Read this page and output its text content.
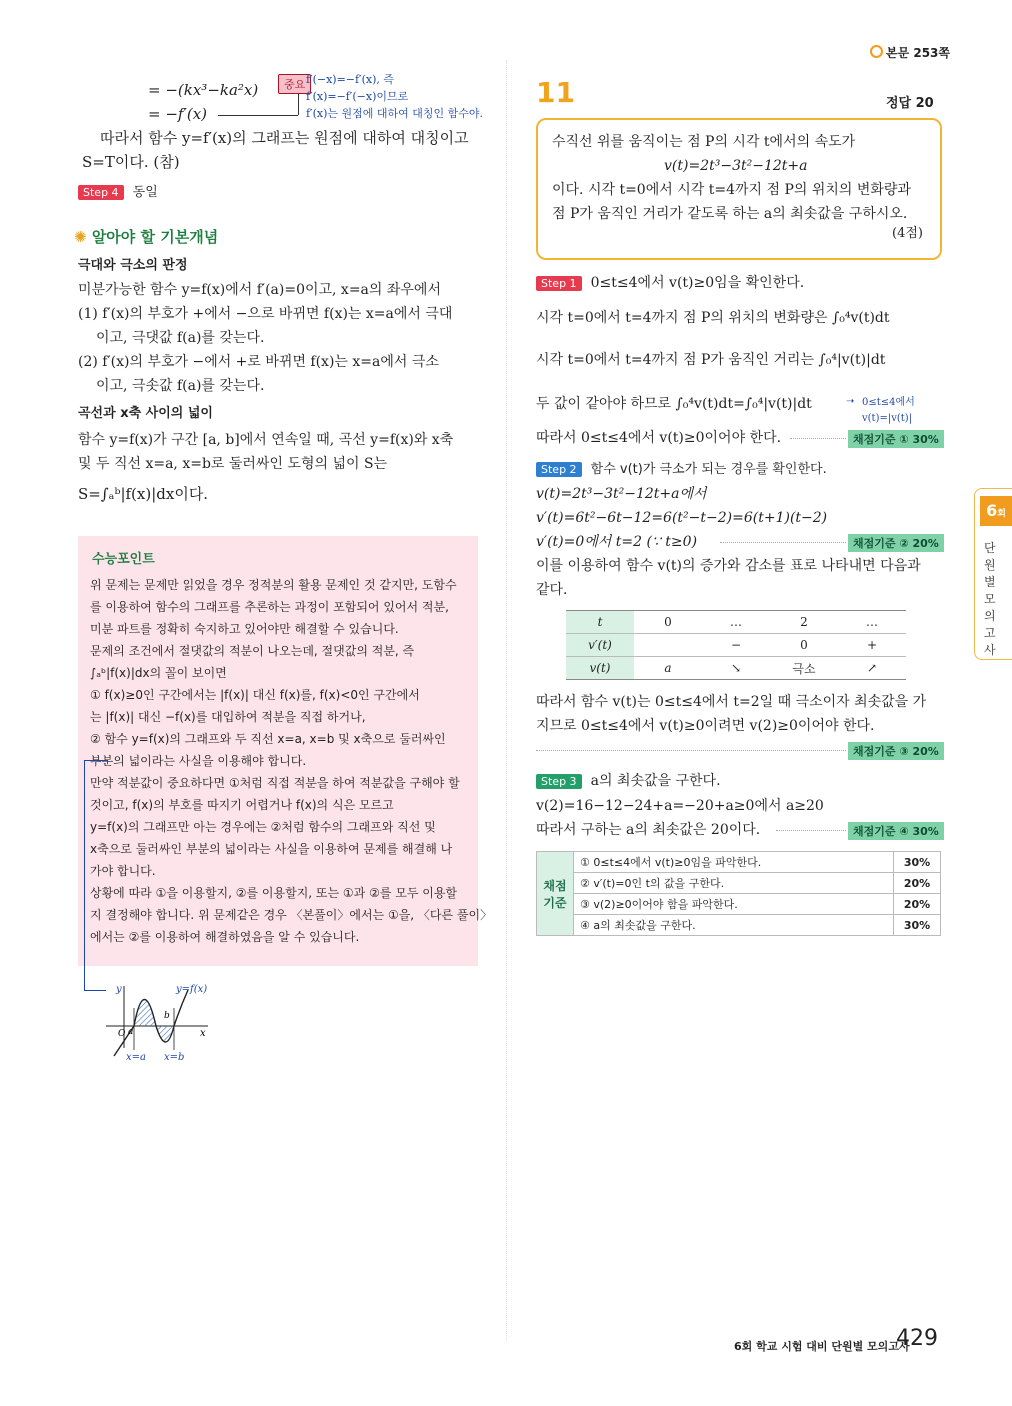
본문 253쪽
= −(kx³−ka²x)
= −f′(x)
중요 f′(−x)=−f′(x), 즉
f′(x)=−f′(−x)이므로
f′(x)는 원점에 대하여 대칭인 함수야.
따라서 함수 y=f′(x)의 그래프는 원점에 대하여 대칭이고
S=T이다. (참)
Step 4 동일
✺ 알아야 할 기본개념
극대와 극소의 판정
미분가능한 함수 y=f(x)에서 f′(a)=0이고, x=a의 좌우에서
(1) f′(x)의 부호가 +에서 −으로 바뀌면 f(x)는 x=a에서 극대
이고, 극댓값 f(a)를 갖는다.
(2) f′(x)의 부호가 −에서 +로 바뀌면 f(x)는 x=a에서 극소
이고, 극솟값 f(a)를 갖는다.
곡선과 x축 사이의 넓이
함수 y=f(x)가 구간 [a, b]에서 연속일 때, 곡선 y=f(x)와 x축
및 두 직선 x=a, x=b로 둘러싸인 도형의 넓이 S는
S=∫ₐᵇ|f(x)|dx이다.
수능포인트
위 문제는 문제만 읽었을 경우 정적분의 활용 문제인 것 같지만, 도함수
를 이용하여 함수의 그래프를 추론하는 과정이 포함되어 있어서 적분,
미분 파트를 정확히 숙지하고 있어야만 해결할 수 있습니다.
문제의 조건에서 절댓값의 적분이 나오는데, 절댓값의 적분, 즉
∫ₐᵇ|f(x)|dx의 꼴이 보이면
① f(x)≥0인 구간에서는 |f(x)| 대신 f(x)를, f(x)<0인 구간에서
는 |f(x)| 대신 −f(x)를 대입하여 적분을 직접 하거나,
② 함수 y=f(x)의 그래프와 두 직선 x=a, x=b 및 x축으로 둘러싸인
부분의 넓이라는 사실을 이용해야 합니다.
만약 적분값이 중요하다면 ①처럼 직접 적분을 하여 적분값을 구해야 할
것이고, f(x)의 부호를 따지기 어렵거나 f(x)의 식은 모르고
y=f(x)의 그래프만 아는 경우에는 ②처럼 함수의 그래프와 직선 및
x축으로 둘러싸인 부분의 넓이라는 사실을 이용하여 문제를 해결해 나
가야 합니다.
상황에 따라 ①을 이용할지, ②를 이용할지, 또는 ①과 ②를 모두 이용할
지 결정해야 합니다. 위 문제같은 경우 〈본풀이〉에서는 ①을, 〈다른 풀이〉
에서는 ②를 이용하여 해결하였음을 알 수 있습니다.
y	y=f(x)
O a
b
x
x=a x=b
11	정답 20
수직선 위를 움직이는 점 P의 시각 t에서의 속도가
v(t)=2t³−3t²−12t+a
이다. 시각 t=0에서 시각 t=4까지 점 P의 위치의 변화량과
점 P가 움직인 거리가 같도록 하는 a의 최솟값을 구하시오.
(4점)
Step 1 0≤t≤4에서 v(t)≥0임을 확인한다.
시각 t=0에서 t=4까지 점 P의 위치의 변화량은 ∫₀⁴v(t)dt
시각 t=0에서 t=4까지 점 P가 움직인 거리는 ∫₀⁴|v(t)|dt
두 값이 같아야 하므로 ∫₀⁴v(t)dt=∫₀⁴|v(t)|dt	➝ 0≤t≤4에서
v(t)=|v(t)|
따라서 0≤t≤4에서 v(t)≥0이어야 한다.	채점기준 ① 30%
Step 2 함수 v(t)가 극소가 되는 경우를 확인한다.
v(t)=2t³−3t²−12t+a에서
v′(t)=6t²−6t−12=6(t²−t−2)=6(t+1)(t−2)
v′(t)=0에서 t=2 (∵ t≥0)	채점기준 ② 20%
이를 이용하여 함수 v(t)의 증가와 감소를 표로 나타내면 다음과
같다.
t	0	…	2	…
v′(t)		−	0	+
v(t)	a	↘	극소	↗
따라서 함수 v(t)는 0≤t≤4에서 t=2일 때 극소이자 최솟값을 가
지므로 0≤t≤4에서 v(t)≥0이려면 v(2)≥0이어야 한다.
채점기준 ③ 20%
Step 3 a의 최솟값을 구한다.
v(2)=16−12−24+a=−20+a≥0에서 a≥20
따라서 구하는 a의 최솟값은 20이다.	채점기준 ④ 30%
채점 기준	① 0≤t≤4에서 v(t)≥0임을 파악한다.	30%
	② v′(t)=0인 t의 값을 구한다.	20%
	③ v(2)≥0이어야 함을 파악한다.	20%
	④ a의 최솟값을 구한다.	30%
6회
단원별 모의고사
6회 학교 시험 대비 단원별 모의고사
429
